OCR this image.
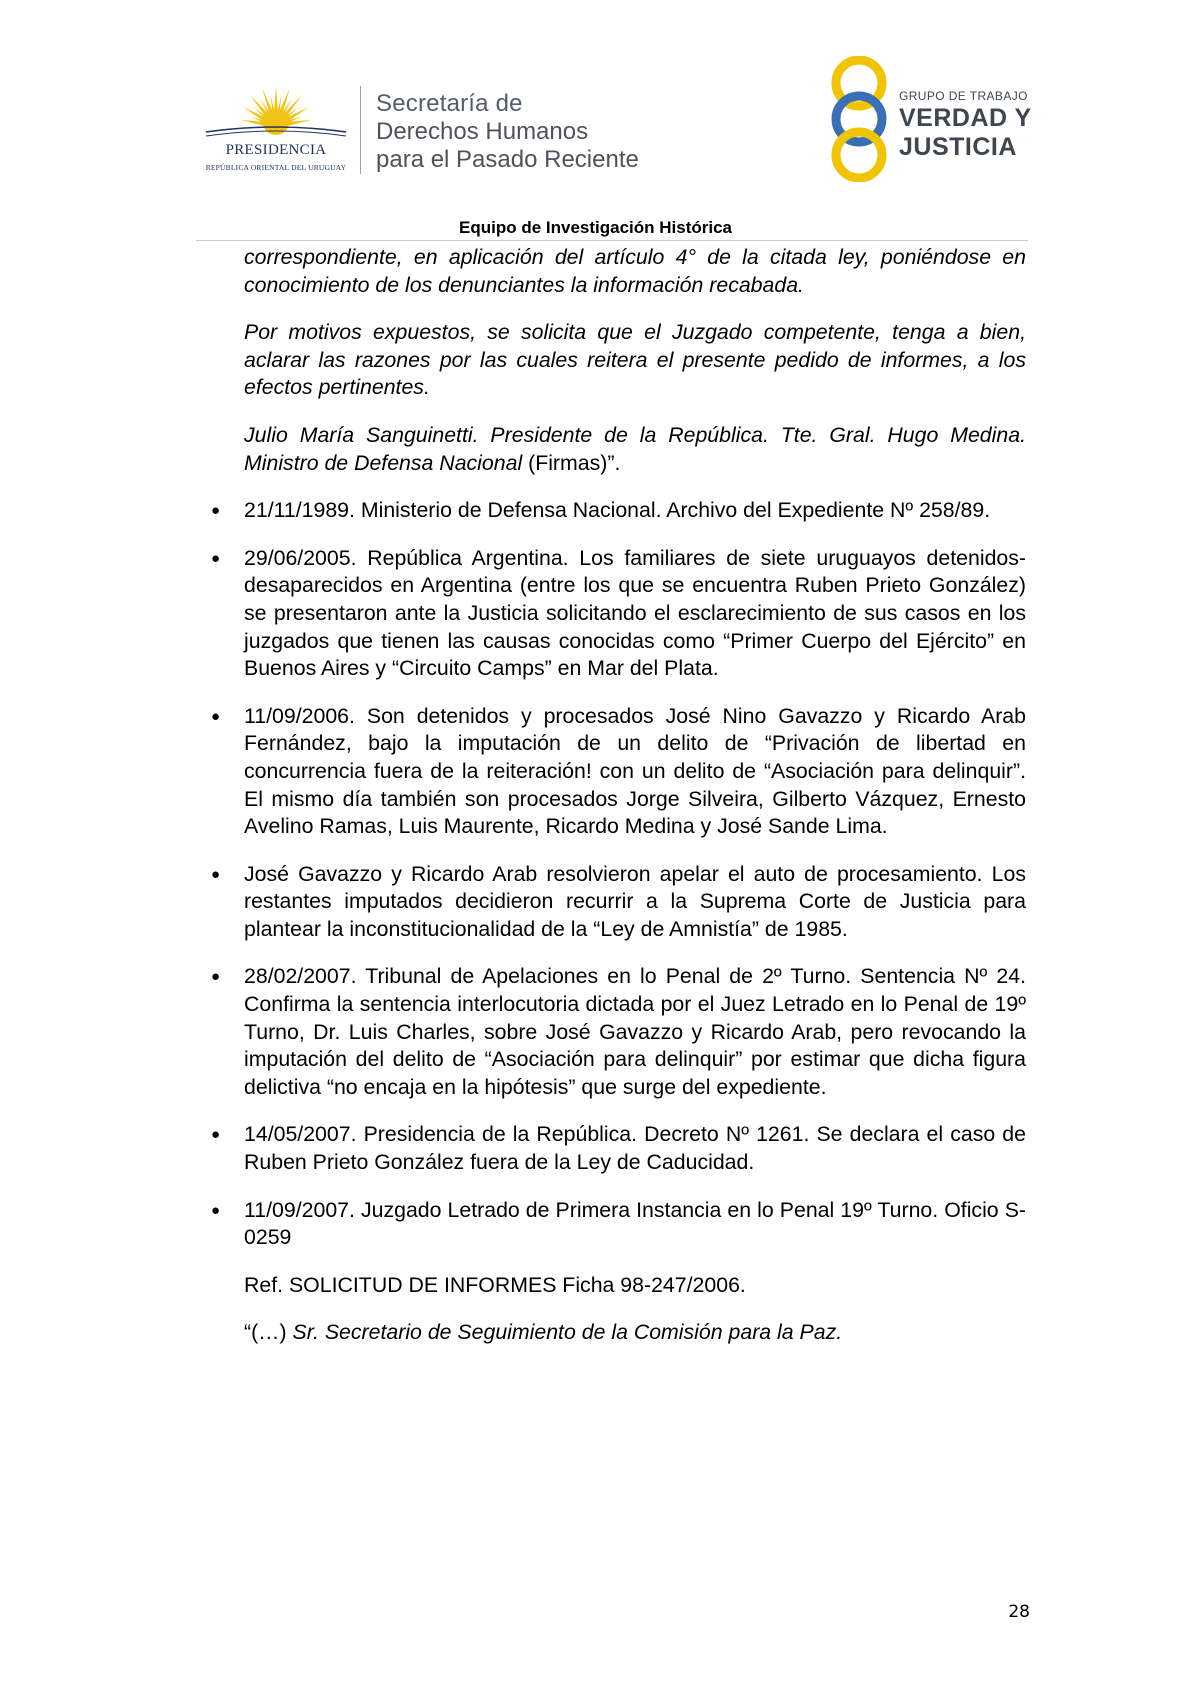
PRESIDENCIA
REPÚBLICA ORIENTAL DEL URUGUAY
Secretaría de
Derechos Humanos
para el Pasado Reciente
GRUPO DE TRABAJO
VERDAD Y
JUSTICIA
Equipo de Investigación Histórica

correspondiente, en aplicación del artículo 4° de la citada ley, poniéndose en conocimiento de los denunciantes la información recabada.

Por motivos expuestos, se solicita que el Juzgado competente, tenga a bien, aclarar las razones por las cuales reitera el presente pedido de informes, a los efectos pertinentes.

Julio María Sanguinetti. Presidente de la República. Tte. Gral. Hugo Medina. Ministro de Defensa Nacional (Firmas)”.

● 21/11/1989. Ministerio de Defensa Nacional. Archivo del Expediente Nº 258/89.
● 29/06/2005. República Argentina. Los familiares de siete uruguayos detenidos-desaparecidos en Argentina (entre los que se encuentra Ruben Prieto González) se presentaron ante la Justicia solicitando el esclarecimiento de sus casos en los juzgados que tienen las causas conocidas como “Primer Cuerpo del Ejército” en Buenos Aires y “Circuito Camps” en Mar del Plata.
● 11/09/2006. Son detenidos y procesados José Nino Gavazzo y Ricardo Arab Fernández, bajo la imputación de un delito de “Privación de libertad en concurrencia fuera de la reiteración! con un delito de “Asociación para delinquir”. El mismo día también son procesados Jorge Silveira, Gilberto Vázquez, Ernesto Avelino Ramas, Luis Maurente, Ricardo Medina y José Sande Lima.
● José Gavazzo y Ricardo Arab resolvieron apelar el auto de procesamiento. Los restantes imputados decidieron recurrir a la Suprema Corte de Justicia para plantear la inconstitucionalidad de la “Ley de Amnistía” de 1985.
● 28/02/2007. Tribunal de Apelaciones en lo Penal de 2º Turno. Sentencia Nº 24. Confirma la sentencia interlocutoria dictada por el Juez Letrado en lo Penal de 19º Turno, Dr. Luis Charles, sobre José Gavazzo y Ricardo Arab, pero revocando la imputación del delito de “Asociación para delinquir” por estimar que dicha figura delictiva “no encaja en la hipótesis” que surge del expediente.
● 14/05/2007. Presidencia de la República. Decreto Nº 1261. Se declara el caso de Ruben Prieto González fuera de la Ley de Caducidad.
● 11/09/2007. Juzgado Letrado de Primera Instancia en lo Penal 19º Turno. Oficio S-0259

Ref. SOLICITUD DE INFORMES Ficha 98-247/2006.

“(…) Sr. Secretario de Seguimiento de la Comisión para la Paz.

28
